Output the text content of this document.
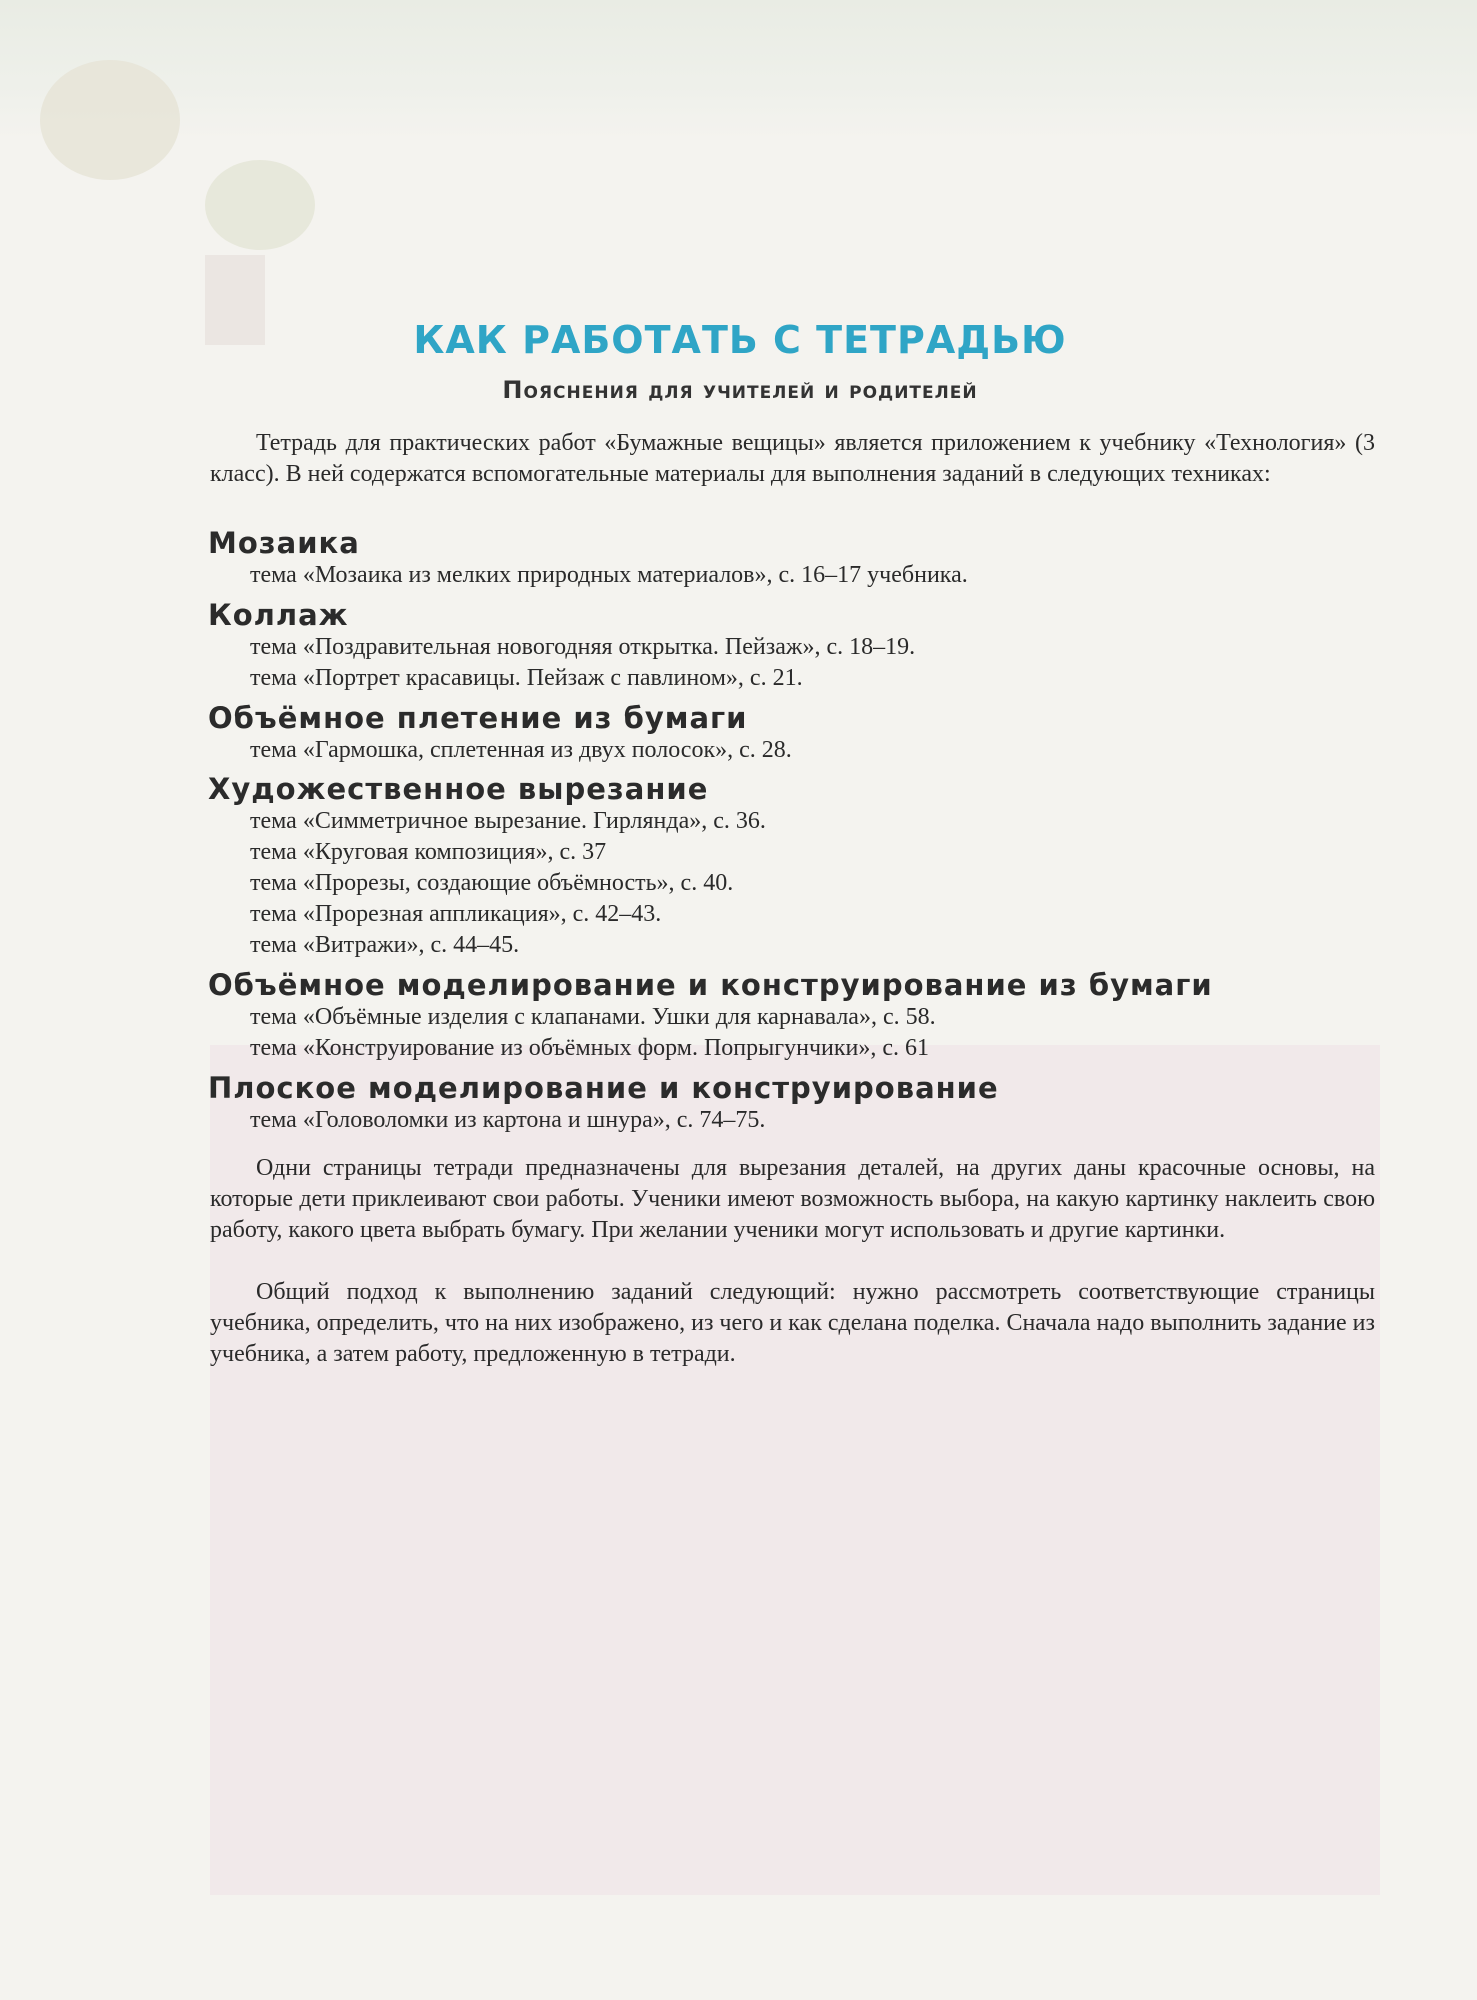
КАК РАБОТАТЬ С ТЕТРАДЬЮ
Пояснения для учителей и родителей

Тетрадь для практических работ «Бумажные вещицы» является приложением к учебнику «Технология» (3 класс). В ней содержатся вспомогательные материалы для выполнения заданий в следующих техниках:

Мозаика
тема «Мозаика из мелких природных материалов», с. 16–17 учебника.
Коллаж
тема «Поздравительная новогодняя открытка. Пейзаж», с. 18–19.
тема «Портрет красавицы. Пейзаж с павлином», с. 21.
Объёмное плетение из бумаги
тема «Гармошка, сплетенная из двух полосок», с. 28.
Художественное вырезание
тема «Симметричное вырезание. Гирлянда», с. 36.
тема «Круговая композиция», с. 37
тема «Прорезы, создающие объёмность», с. 40.
тема «Прорезная аппликация», с. 42–43.
тема «Витражи», с. 44–45.
Объёмное моделирование и конструирование из бумаги
тема «Объёмные изделия с клапанами. Ушки для карнавала», с. 58.
тема «Конструирование из объёмных форм. Попрыгунчики», с. 61
Плоское моделирование и конструирование
тема «Головоломки из картона и шнура», с. 74–75.

Одни страницы тетради предназначены для вырезания деталей, на других даны красочные основы, на которые дети приклеивают свои работы. Ученики имеют возможность выбора, на какую картинку наклеить свою работу, какого цвета выбрать бумагу. При желании ученики могут использовать и другие картинки.

Общий подход к выполнению заданий следующий: нужно рассмотреть соответствующие страницы учебника, определить, что на них изображено, из чего и как сделана поделка. Сначала надо выполнить задание из учебника, а затем работу, предложенную в тетради.
